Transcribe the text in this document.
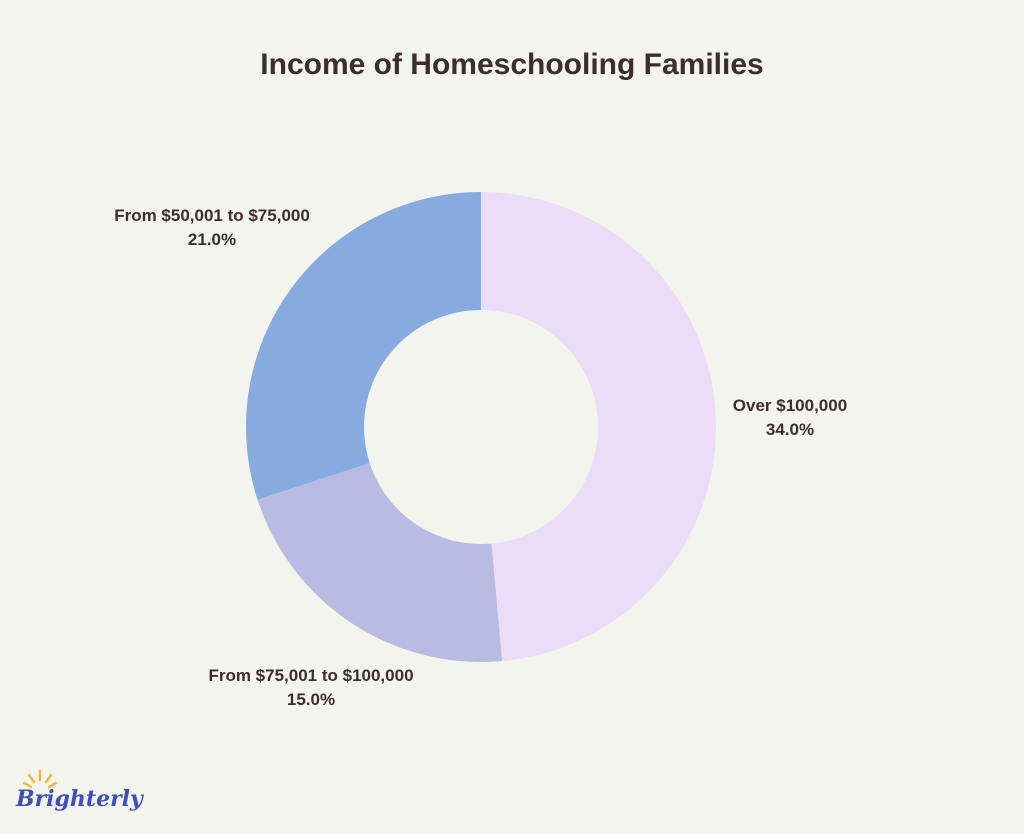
Income of Homeschooling Families
Over $100,000
34.0%
From $75,001 to $100,000
15.0%
From $50,001 to $75,000
21.0%
Brighterly
